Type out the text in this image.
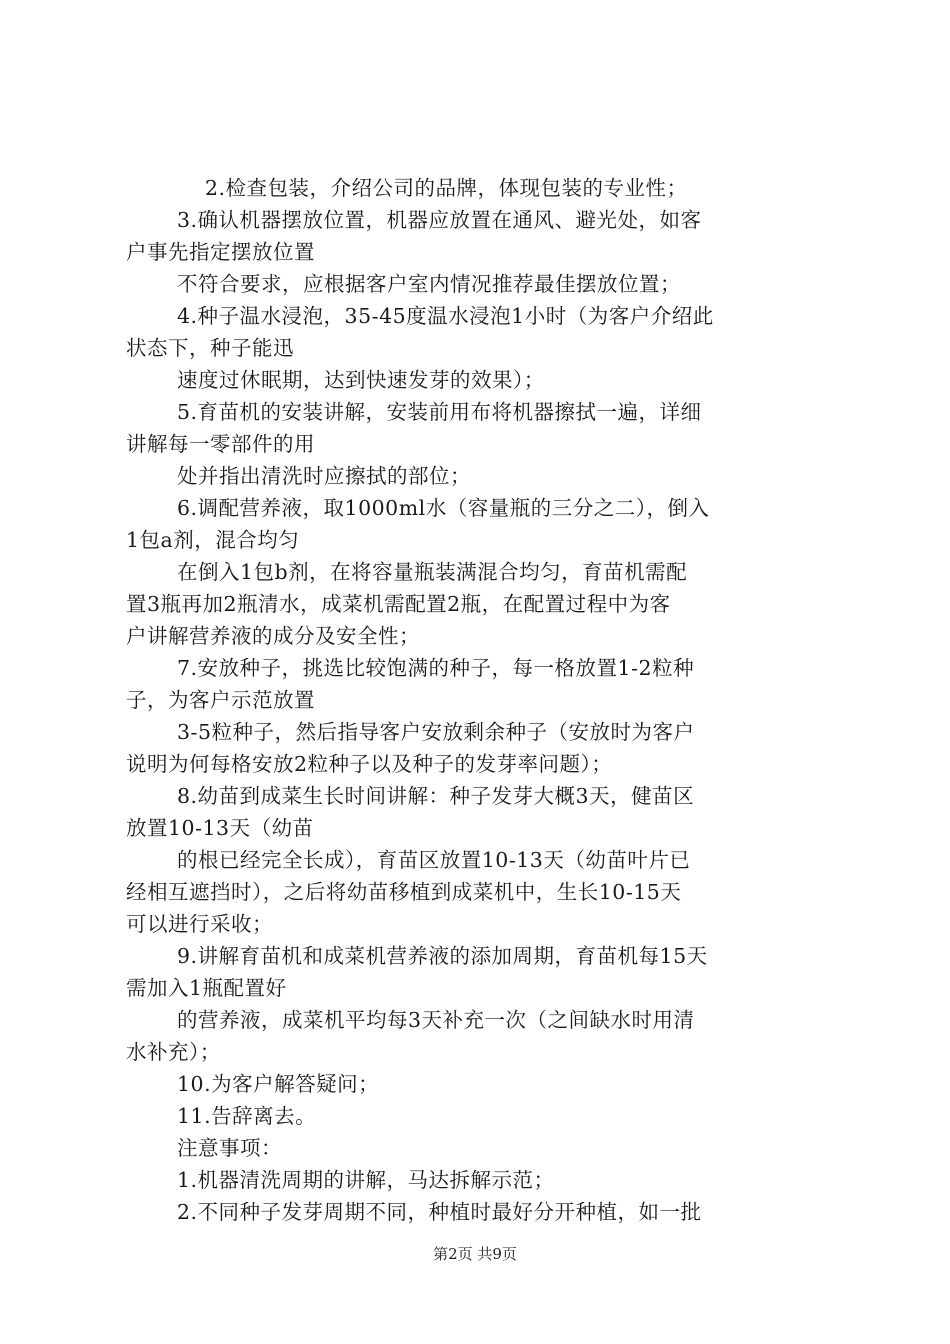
2.检查包装，介绍公司的品牌，体现包装的专业性；
3.确认机器摆放位置，机器应放置在通风、避光处，如客
户事先指定摆放位置
不符合要求，应根据客户室内情况推荐最佳摆放位置；
4.种子温水浸泡，35-45度温水浸泡1小时（为客户介绍此
状态下，种子能迅
速度过休眠期，达到快速发芽的效果）；
5.育苗机的安装讲解，安装前用布将机器擦拭一遍，详细
讲解每一零部件的用
处并指出清洗时应擦拭的部位；
6.调配营养液，取1000ml水（容量瓶的三分之二），倒入
1包a剂，混合均匀
在倒入1包b剂，在将容量瓶装满混合均匀，育苗机需配
置3瓶再加2瓶清水，成菜机需配置2瓶，在配置过程中为客
户讲解营养液的成分及安全性；
7.安放种子，挑选比较饱满的种子，每一格放置1-2粒种
子，为客户示范放置
3-5粒种子，然后指导客户安放剩余种子（安放时为客户
说明为何每格安放2粒种子以及种子的发芽率问题）；
8.幼苗到成菜生长时间讲解：种子发芽大概3天，健苗区
放置10-13天（幼苗
的根已经完全长成），育苗区放置10-13天（幼苗叶片已
经相互遮挡时），之后将幼苗移植到成菜机中，生长10-15天
可以进行采收；
9.讲解育苗机和成菜机营养液的添加周期，育苗机每15天
需加入1瓶配置好
的营养液，成菜机平均每3天补充一次（之间缺水时用清
水补充）；
10.为客户解答疑问；
11.告辞离去。
注意事项：
1.机器清洗周期的讲解，马达拆解示范；
2.不同种子发芽周期不同，种植时最好分开种植，如一批
第2页 共9页
